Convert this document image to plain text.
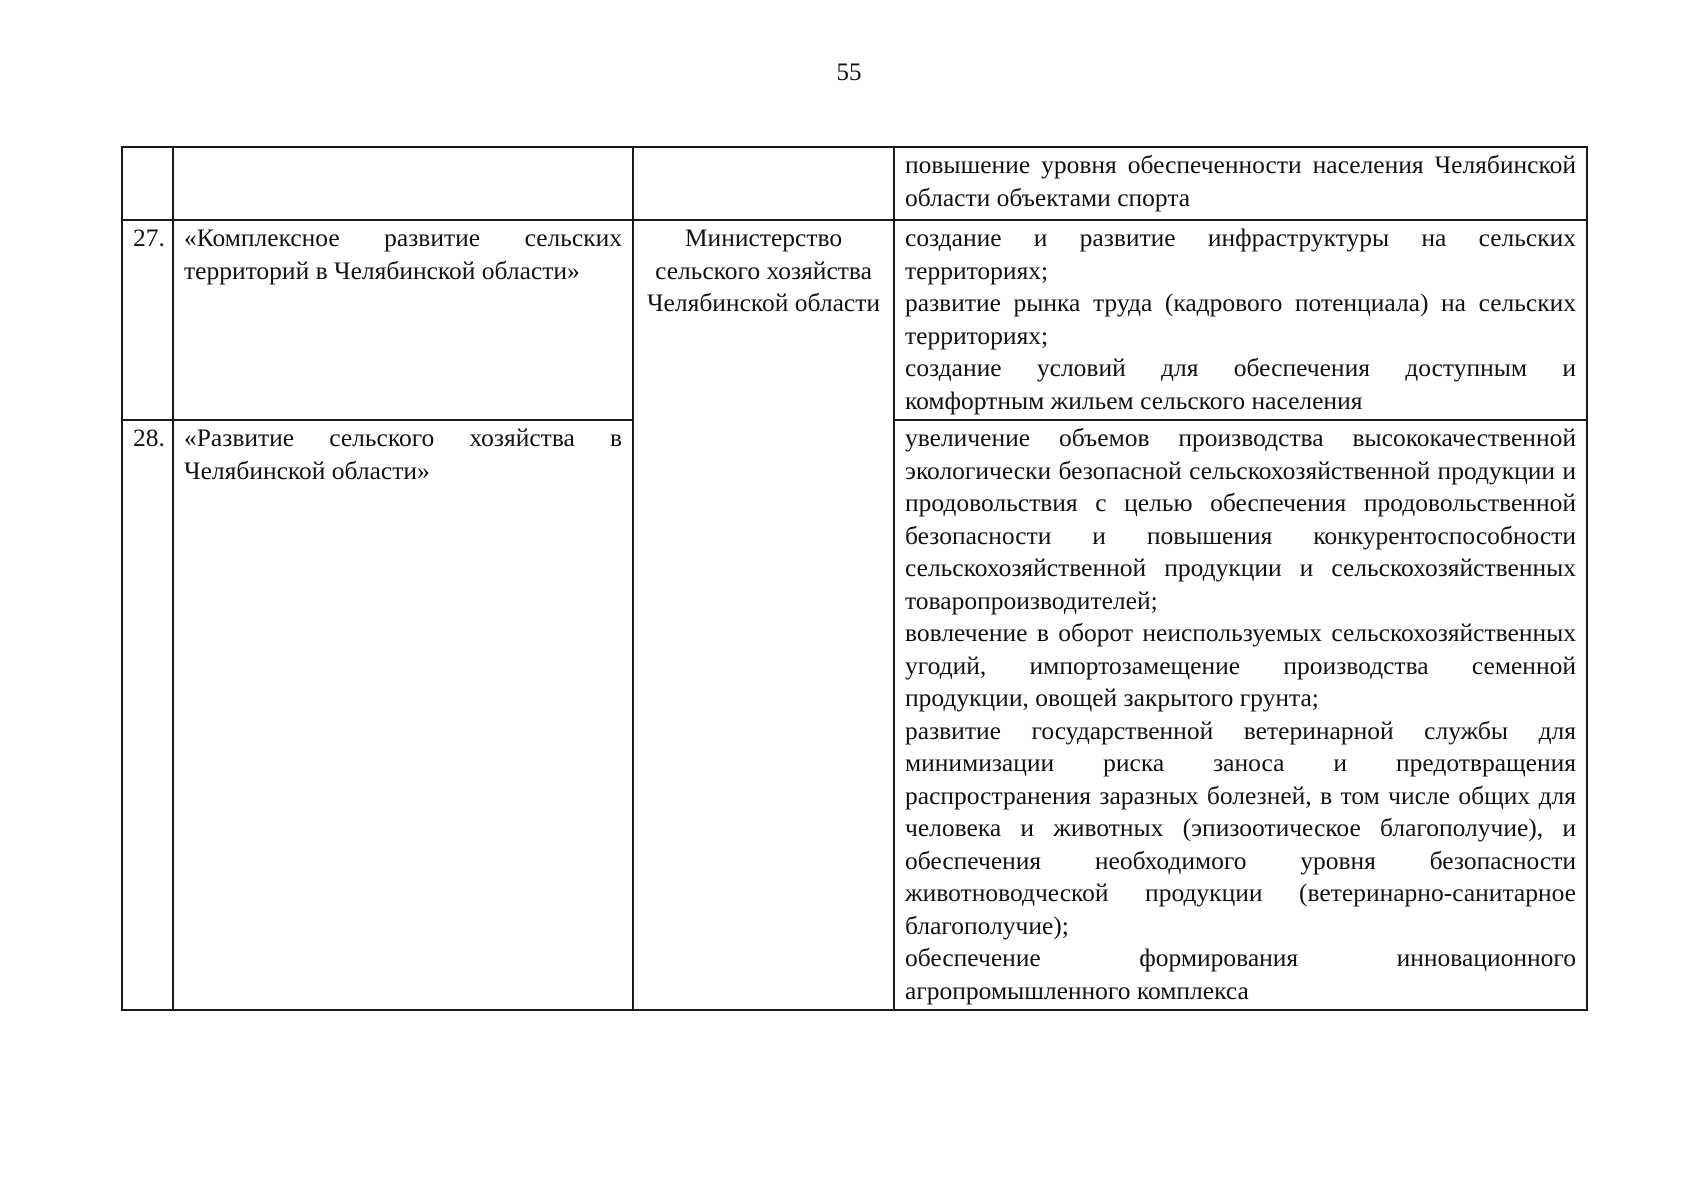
55

			повышение уровня обеспеченности населения Челябинской области объектами спорта

27.	«Комплексное развитие сельских территорий в Челябинской области»	Министерство сельского хозяйства Челябинской области	создание и развитие инфраструктуры на сельских территориях;
развитие рынка труда (кадрового потенциала) на сельских территориях;
создание условий для обеспечения доступным и комфортным жильем сельского населения

28.	«Развитие сельского хозяйства в Челябинской области»		увеличение объемов производства высококачественной экологически безопасной сельскохозяйственной продукции и продовольствия с целью обеспечения продовольственной безопасности и повышения конкурентоспособности сельскохозяйственной продукции и сельскохозяйственных товаропроизводителей;
вовлечение в оборот неиспользуемых сельскохозяйственных угодий, импортозамещение производства семенной продукции, овощей закрытого грунта;
развитие государственной ветеринарной службы для минимизации риска заноса и предотвращения распространения заразных болезней, в том числе общих для человека и животных (эпизоотическое благополучие), и обеспечения необходимого уровня безопасности животноводческой продукции (ветеринарно-санитарное благополучие);
обеспечение формирования инновационного агропромышленного комплекса
